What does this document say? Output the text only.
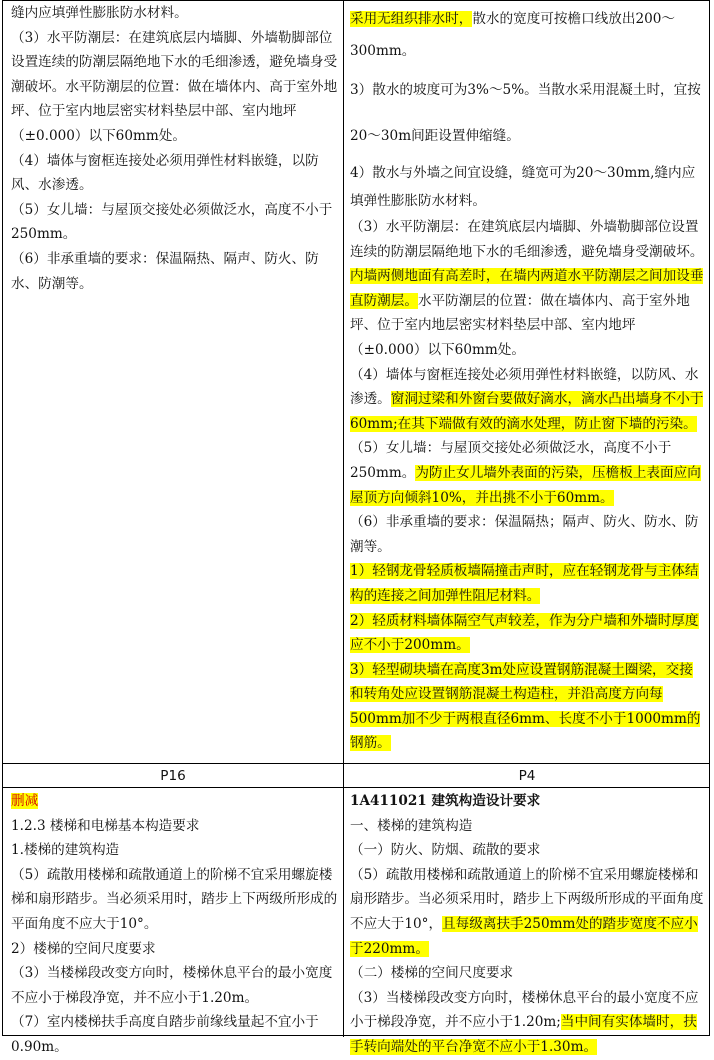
缝内应填弹性膨胀防水材料。

（3）水平防潮层：在建筑底层内墙脚、外墙勒脚部位设置连续的防潮层隔绝地下水的毛细渗透，避免墙身受潮破坏。水平防潮层的位置：做在墙体内、高于室外地坪、位于室内地层密实材料垫层中部、室内地坪（±0.000）以下60mm处。

（4）墙体与窗框连接处必须用弹性材料嵌缝，以防风、水渗透。

（5）女儿墙：与屋顶交接处必须做泛水，高度不小于250mm。

（6）非承重墙的要求：保温隔热、隔声、防火、防水、防潮等。

采用无组织排水时，散水的宽度可按檐口线放出200～300mm。

3）散水的坡度可为3%～5%。当散水采用混凝土时，宜按20～30m间距设置伸缩缝。

4）散水与外墙之间宜设缝，缝宽可为20～30mm,缝内应填弹性膨胀防水材料。

（3）水平防潮层：在建筑底层内墙脚、外墙勒脚部位设置连续的防潮层隔绝地下水的毛细渗透，避免墙身受潮破坏。内墙两侧地面有高差时，在墙内两道水平防潮层之间加设垂直防潮层。水平防潮层的位置：做在墙体内、高于室外地坪、位于室内地层密实材料垫层中部、室内地坪（±0.000）以下60mm处。

（4）墙体与窗框连接处必须用弹性材料嵌缝，以防风、水渗透。窗洞过梁和外窗台要做好滴水，滴水凸出墙身不小于60mm;在其下端做有效的滴水处理，防止窗下墙的污染。

（5）女儿墙：与屋顶交接处必须做泛水，高度不小于250mm。为防止女儿墙外表面的污染，压檐板上表面应向屋顶方向倾斜10%，并出挑不小于60mm。

（6）非承重墙的要求：保温隔热；隔声、防火、防水、防潮等。

1）轻钢龙骨轻质板墙隔撞击声时，应在轻钢龙骨与主体结构的连接之间加弹性阻尼材料。

2）轻质材料墙体隔空气声较差，作为分户墙和外墙时厚度应不小于200mm。

3）轻型砌块墙在高度3m处应设置钢筋混凝土圈梁，交接和转角处应设置钢筋混凝土构造柱，并沿高度方向每500mm加不少于两根直径6mm、长度不小于1000mm的钢筋。

P16	P4

删减

1.2.3 楼梯和电梯基本构造要求

1.楼梯的建筑构造

（5）疏散用楼梯和疏散通道上的阶梯不宜采用螺旋楼梯和扇形踏步。当必须采用时，踏步上下两级所形成的平面角度不应大于10°。

2）楼梯的空间尺度要求

（3）当楼梯段改变方向时，楼梯休息平台的最小宽度不应小于梯段净宽，并不应小于1.20m。

（7）室内楼梯扶手高度自踏步前缘线量起不宜小于0.90m。

1A411021 建筑构造设计要求

一、楼梯的建筑构造

（一）防火、防烟、疏散的要求

（5）疏散用楼梯和疏散通道上的阶梯不宜采用螺旋楼梯和扇形踏步。当必须采用时，踏步上下两级所形成的平面角度不应大于10°，且每级离扶手250mm处的踏步宽度不应小于220mm。

（二）楼梯的空间尺度要求

（3）当楼梯段改变方向时，楼梯休息平台的最小宽度不应小于梯段净宽，并不应小于1.20m;当中间有实体墙时，扶手转向端处的平台净宽不应小于1.30m。
